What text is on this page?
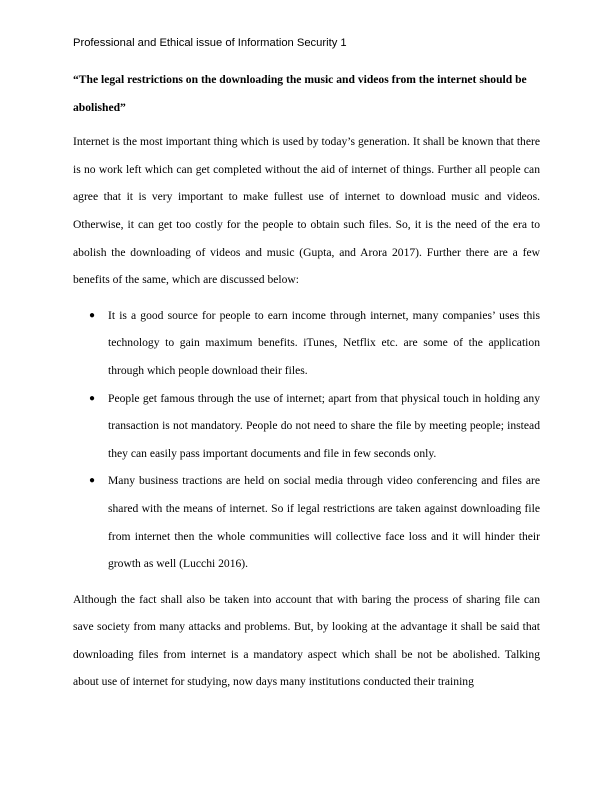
Professional and Ethical issue of Information Security 1

“The legal restrictions on the downloading the music and videos from the internet should be abolished”

Internet is the most important thing which is used by today’s generation. It shall be known that there is no work left which can get completed without the aid of internet of things. Further all people can agree that it is very important to make fullest use of internet to download music and videos. Otherwise, it can get too costly for the people to obtain such files. So, it is the need of the era to abolish the downloading of videos and music (Gupta, and Arora 2017). Further there are a few benefits of the same, which are discussed below:

● It is a good source for people to earn income through internet, many companies’ uses this technology to gain maximum benefits. iTunes, Netflix etc. are some of the application through which people download their files.
● People get famous through the use of internet; apart from that physical touch in holding any transaction is not mandatory. People do not need to share the file by meeting people; instead they can easily pass important documents and file in few seconds only.
● Many business tractions are held on social media through video conferencing and files are shared with the means of internet. So if legal restrictions are taken against downloading file from internet then the whole communities will collective face loss and it will hinder their growth as well (Lucchi 2016).

Although the fact shall also be taken into account that with baring the process of sharing file can save society from many attacks and problems. But, by looking at the advantage it shall be said that downloading files from internet is a mandatory aspect which shall be not be abolished. Talking about use of internet for studying, now days many institutions conducted their training
